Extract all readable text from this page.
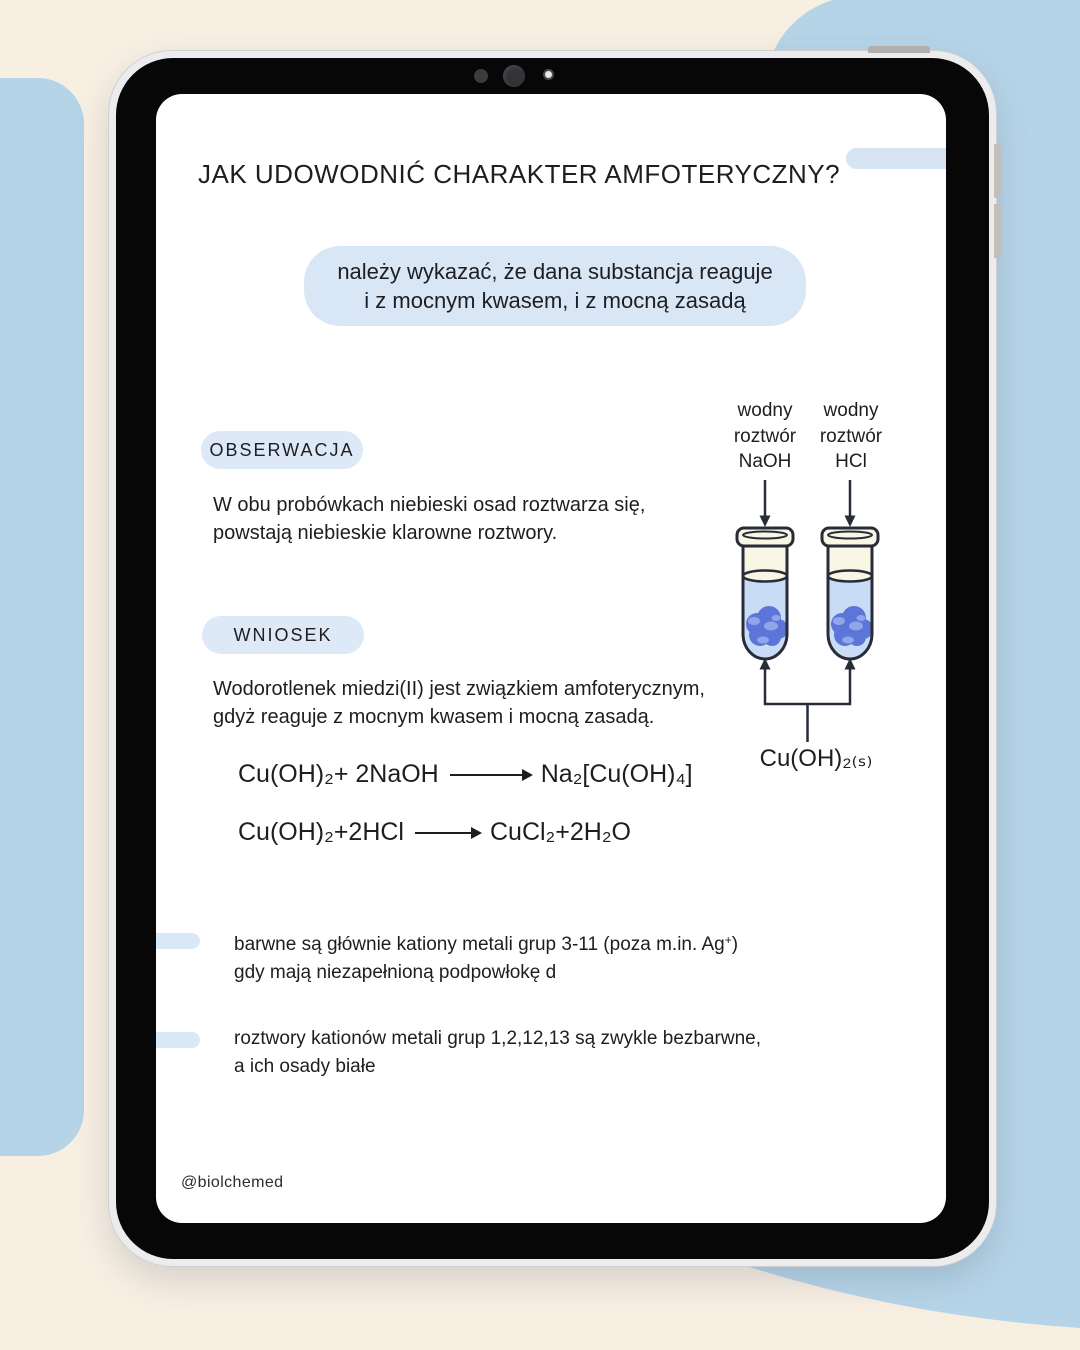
JAK UDOWODNIĆ CHARAKTER AMFOTERYCZNY?
należy wykazać, że dana substancja reaguje
i z mocnym kwasem, i z mocną zasadą
OBSERWACJA
W obu probówkach niebieski osad roztwarza się,
powstają niebieskie klarowne roztwory.
WNIOSEK
Wodorotlenek miedzi(II) jest związkiem amfoterycznym,
gdyż reaguje z mocnym kwasem i mocną zasadą.
Cu(OH)₂+ 2NaOH → Na₂[Cu(OH)₄]
Cu(OH)₂+2HCl → CuCl₂+2H₂O
wodny
roztwór
NaOH
wodny
roztwór
HCl
Cu(OH)₂₍ₛ₎
barwne są głównie kationy metali grup 3-11 (poza m.in. Ag+)
gdy mają niezapełnioną podpowłokę d
roztwory kationów metali grup 1,2,12,13 są zwykle bezbarwne,
a ich osady białe
@biolchemed
